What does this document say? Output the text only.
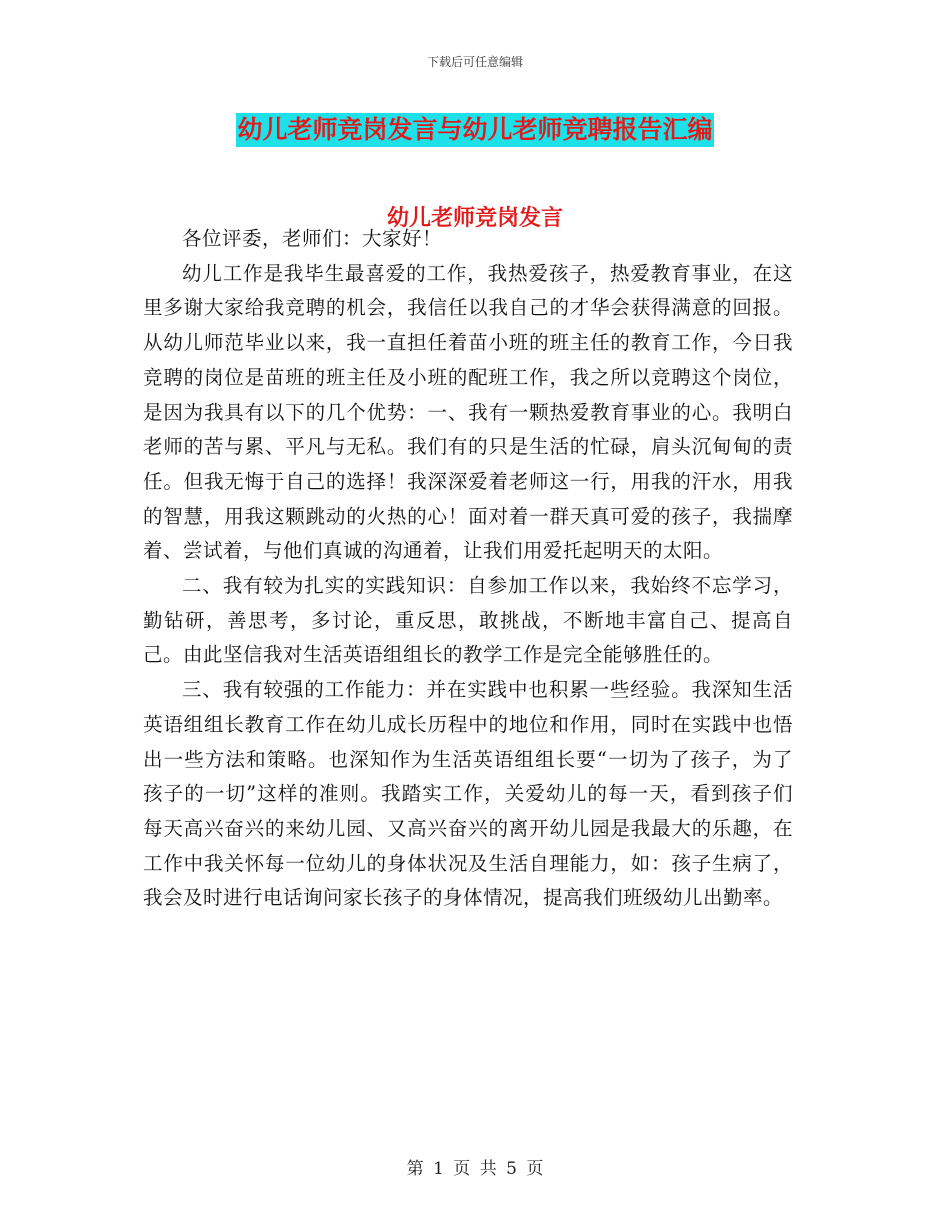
下载后可任意编辑
幼儿老师竞岗发言与幼儿老师竞聘报告汇编
幼儿老师竞岗发言

各位评委，老师们：大家好！

幼儿工作是我毕生最喜爱的工作，我热爱孩子，热爱教育事业，在这里多谢大家给我竞聘的机会，我信任以我自己的才华会获得满意的回报。从幼儿师范毕业以来，我一直担任着苗小班的班主任的教育工作，今日我竞聘的岗位是苗班的班主任及小班的配班工作，我之所以竞聘这个岗位，是因为我具有以下的几个优势：一、我有一颗热爱教育事业的心。我明白老师的苦与累、平凡与无私。我们有的只是生活的忙碌，肩头沉甸甸的责任。但我无悔于自己的选择！我深深爱着老师这一行，用我的汗水，用我的智慧，用我这颗跳动的火热的心！面对着一群天真可爱的孩子，我揣摩着、尝试着，与他们真诚的沟通着，让我们用爱托起明天的太阳。

二、我有较为扎实的实践知识：自参加工作以来，我始终不忘学习，勤钻研，善思考，多讨论，重反思，敢挑战，不断地丰富自己、提高自己。由此坚信我对生活英语组组长的教学工作是完全能够胜任的。

三、我有较强的工作能力：并在实践中也积累一些经验。我深知生活英语组组长教育工作在幼儿成长历程中的地位和作用，同时在实践中也悟出一些方法和策略。也深知作为生活英语组组长要“一切为了孩子，为了孩子的一切”这样的准则。我踏实工作，关爱幼儿的每一天，看到孩子们每天高兴奋兴的来幼儿园、又高兴奋兴的离开幼儿园是我最大的乐趣，在工作中我关怀每一位幼儿的身体状况及生活自理能力，如：孩子生病了，我会及时进行电话询问家长孩子的身体情况，提高我们班级幼儿出勤率。

第 1 页 共 5 页
